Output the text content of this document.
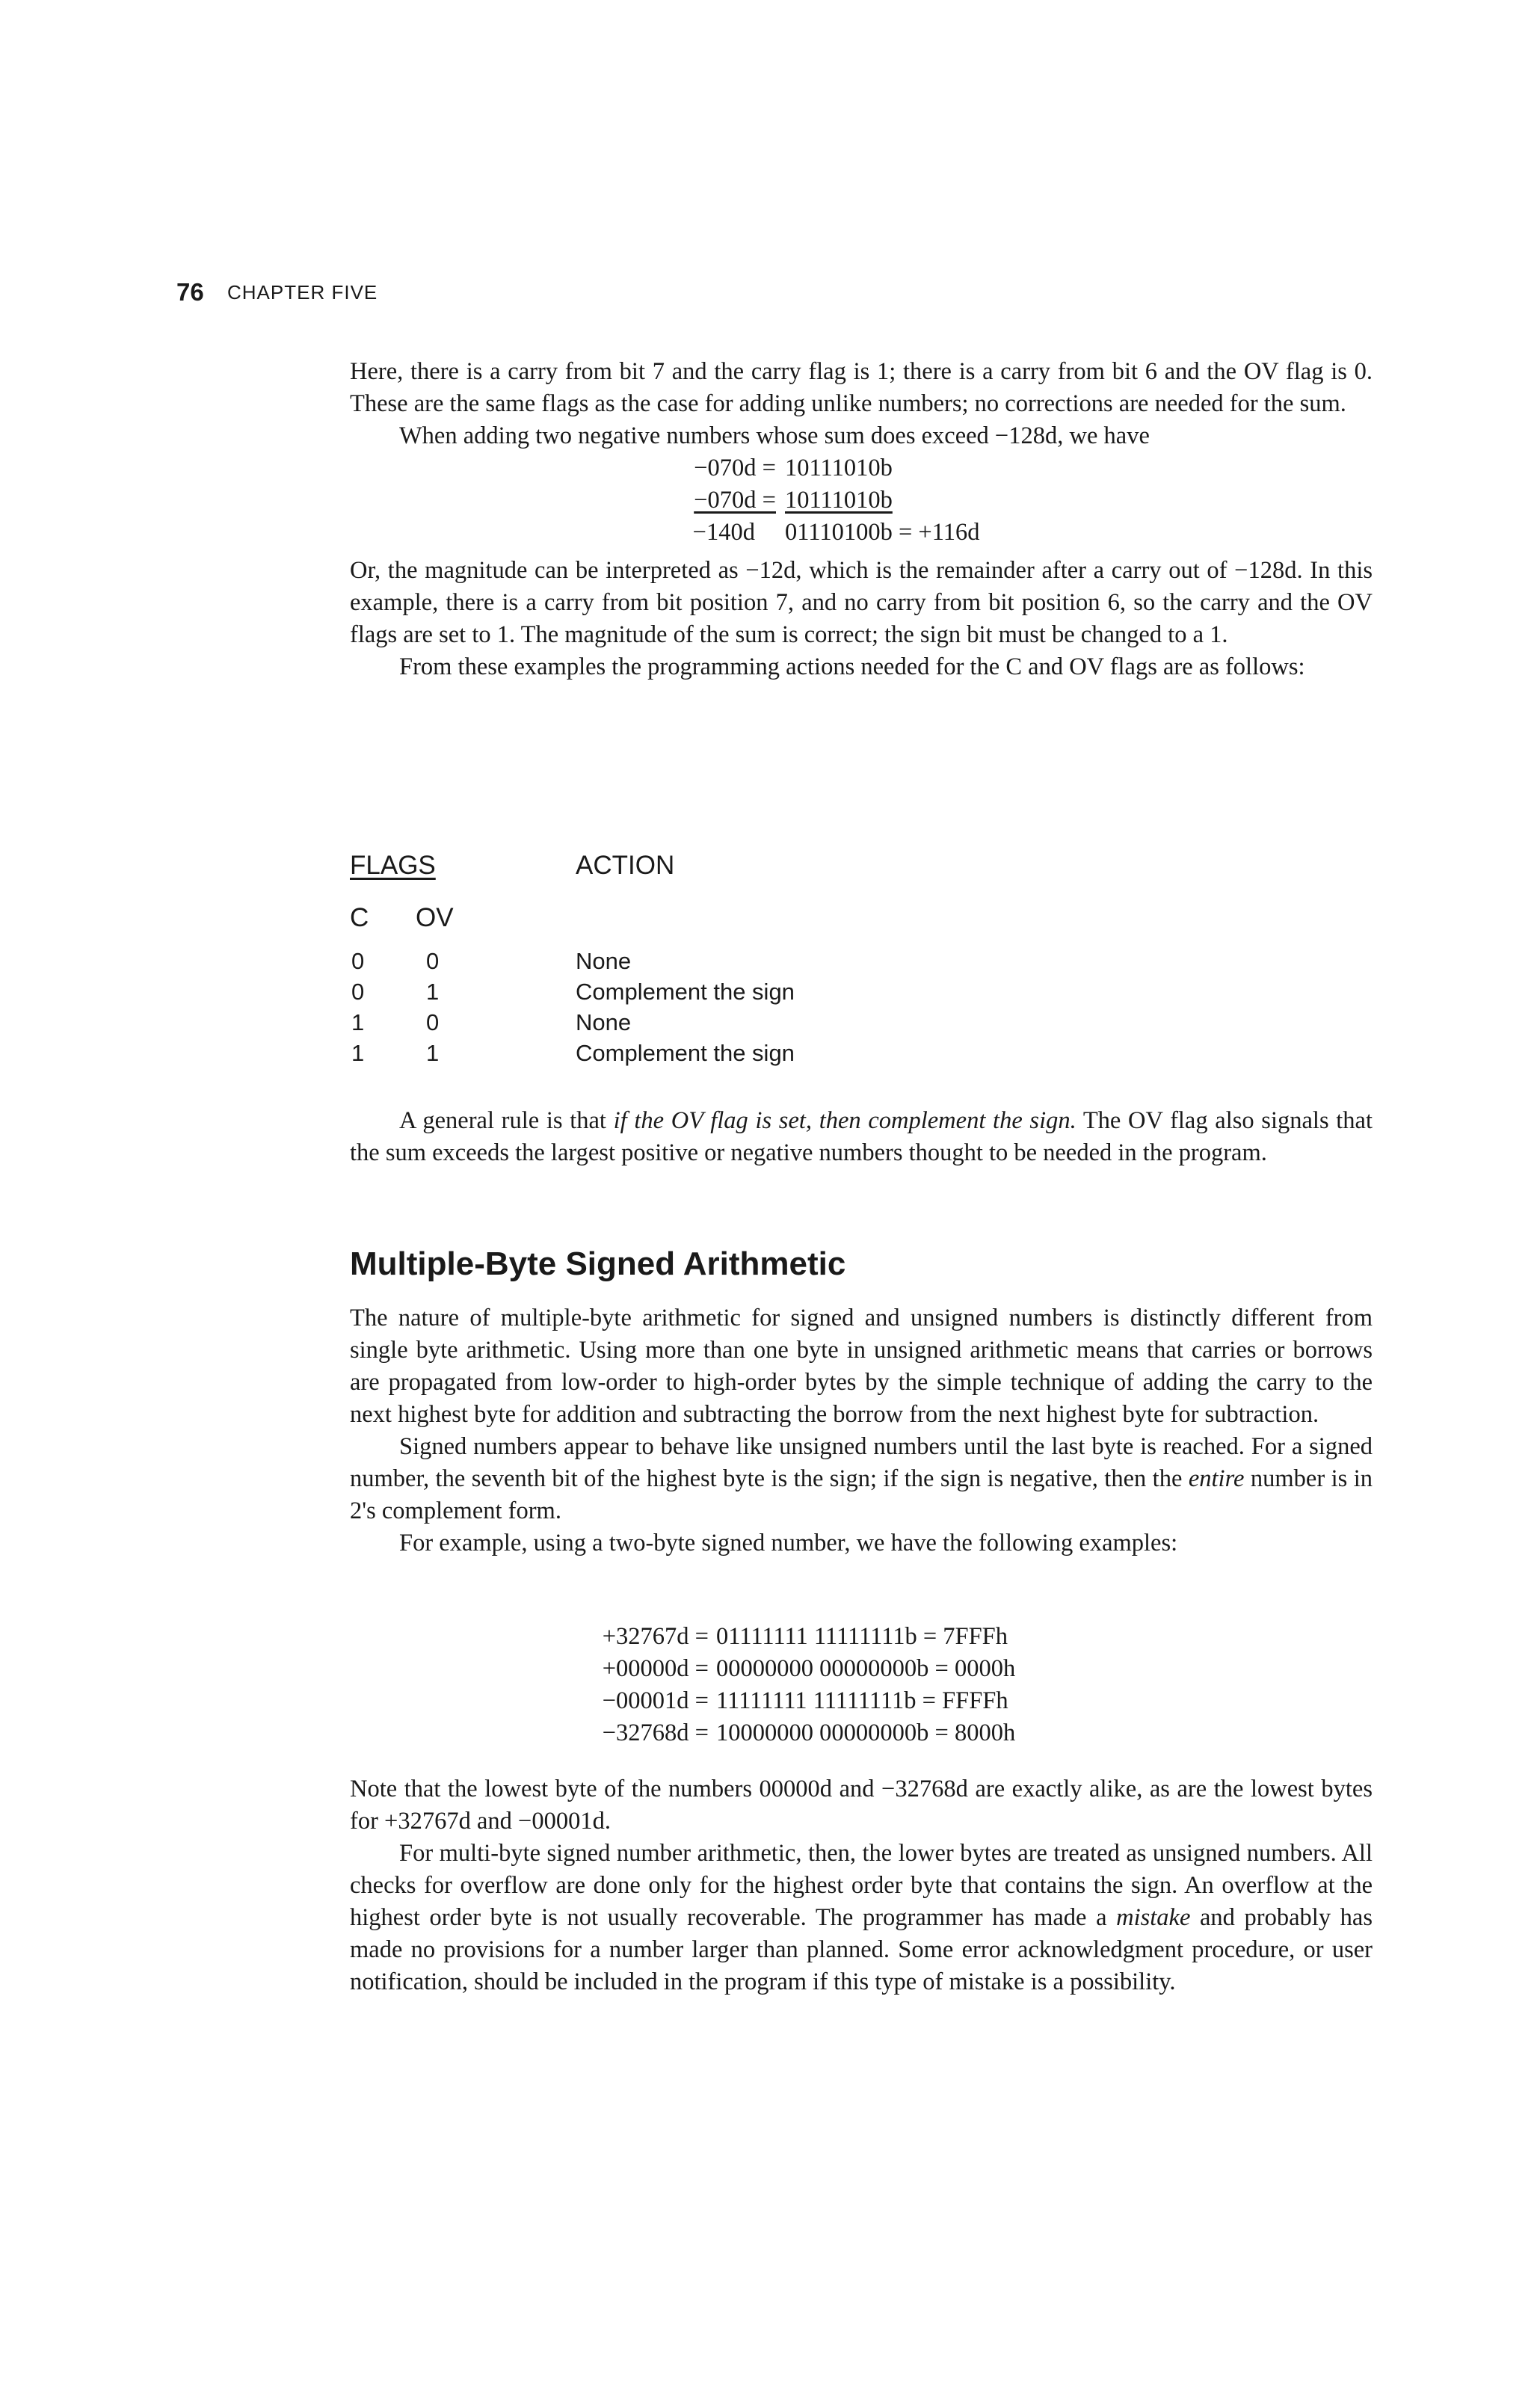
76 CHAPTER FIVE

Here, there is a carry from bit 7 and the carry flag is 1; there is a carry from bit 6 and the OV flag is 0. These are the same flags as the case for adding unlike numbers; no corrections are needed for the sum.

When adding two negative numbers whose sum does exceed −128d, we have

−070d = 10111010b
−070d = 10111010b
−140d 01110100b = +116d

Or, the magnitude can be interpreted as −12d, which is the remainder after a carry out of −128d. In this example, there is a carry from bit position 7, and no carry from bit position 6, so the carry and the OV flags are set to 1. The magnitude of the sum is correct; the sign bit must be changed to a 1.

From these examples the programming actions needed for the C and OV flags are as follows:

FLAGS	ACTION
C OV
0	0	None
0	1	Complement the sign
1	0	None
1	1	Complement the sign

A general rule is that if the OV flag is set, then complement the sign. The OV flag also signals that the sum exceeds the largest positive or negative numbers thought to be needed in the program.

Multiple-Byte Signed Arithmetic

The nature of multiple-byte arithmetic for signed and unsigned numbers is distinctly different from single byte arithmetic. Using more than one byte in unsigned arithmetic means that carries or borrows are propagated from low-order to high-order bytes by the simple technique of adding the carry to the next highest byte for addition and subtracting the borrow from the next highest byte for subtraction.

Signed numbers appear to behave like unsigned numbers until the last byte is reached. For a signed number, the seventh bit of the highest byte is the sign; if the sign is negative, then the entire number is in 2's complement form.

For example, using a two-byte signed number, we have the following examples:

+32767d = 01111111 11111111b = 7FFFh
+00000d = 00000000 00000000b = 0000h
−00001d = 11111111 11111111b = FFFFh
−32768d = 10000000 00000000b = 8000h

Note that the lowest byte of the numbers 00000d and −32768d are exactly alike, as are the lowest bytes for +32767d and −00001d.

For multi-byte signed number arithmetic, then, the lower bytes are treated as unsigned numbers. All checks for overflow are done only for the highest order byte that contains the sign. An overflow at the highest order byte is not usually recoverable. The programmer has made a mistake and probably has made no provisions for a number larger than planned. Some error acknowledgment procedure, or user notification, should be included in the program if this type of mistake is a possibility.
